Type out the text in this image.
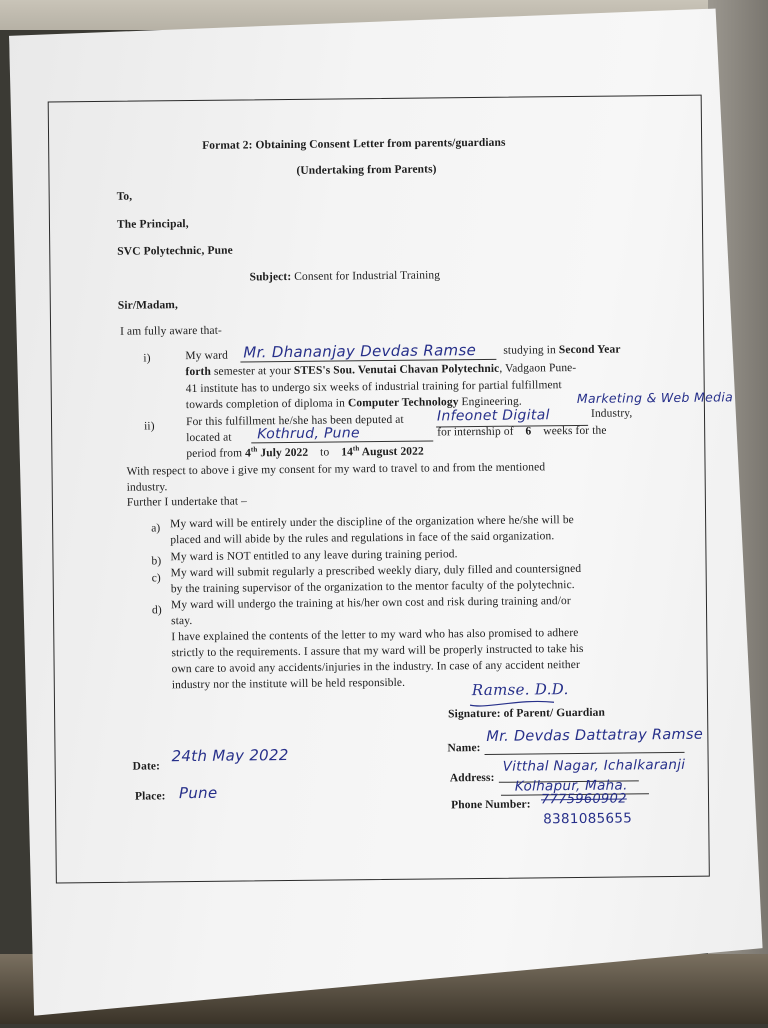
Format 2: Obtaining Consent Letter from parents/guardians
(Undertaking from Parents)
To,
The Principal,
SVC Polytechnic, Pune
Subject: Consent for Industrial Training
Sir/Madam,
I am fully aware that-
i)	My ward Mr. Dhananjay Devdas Ramse studying in Second Year
forth semester at your STES's Sou. Venutai Chavan Polytechnic, Vadgaon Pune-
41 institute has to undergo six weeks of industrial training for partial fulfillment
towards completion of diploma in Computer Technology Engineering.
ii)	For this fulfillment he/she has been deputed at Infeonet Digital
Marketing & Web Media
Industry,
located at Kothrud, Pune	for internship of 6 weeks for the
period from 4th July 2022 to 14th August 2022
With respect to above i give my consent for my ward to travel to and from the mentioned
industry.
Further I undertake that –
a) My ward will be entirely under the discipline of the organization where he/she will be
placed and will abide by the rules and regulations in face of the said organization.
b) My ward is NOT entitled to any leave during training period.
c) My ward will submit regularly a prescribed weekly diary, duly filled and countersigned
by the training supervisor of the organization to the mentor faculty of the polytechnic.
d) My ward will undergo the training at his/her own cost and risk during training and/or
stay.
I have explained the contents of the letter to my ward who has also promised to adhere
strictly to the requirements. I assure that my ward will be properly instructed to take his
own care to avoid any accidents/injuries in the industry. In case of any accident neither
industry nor the institute will be held responsible.	Ramse. D.D.
Signature: of Parent/ Guardian
Name:
Mr. Devdas Dattatray Ramse
Address:
Vitthal Nagar, Ichalkaranji
Kolhapur, Maha.
Phone Number: 7775960902
8381085655
Date:
24th May 2022
Place: Pune
